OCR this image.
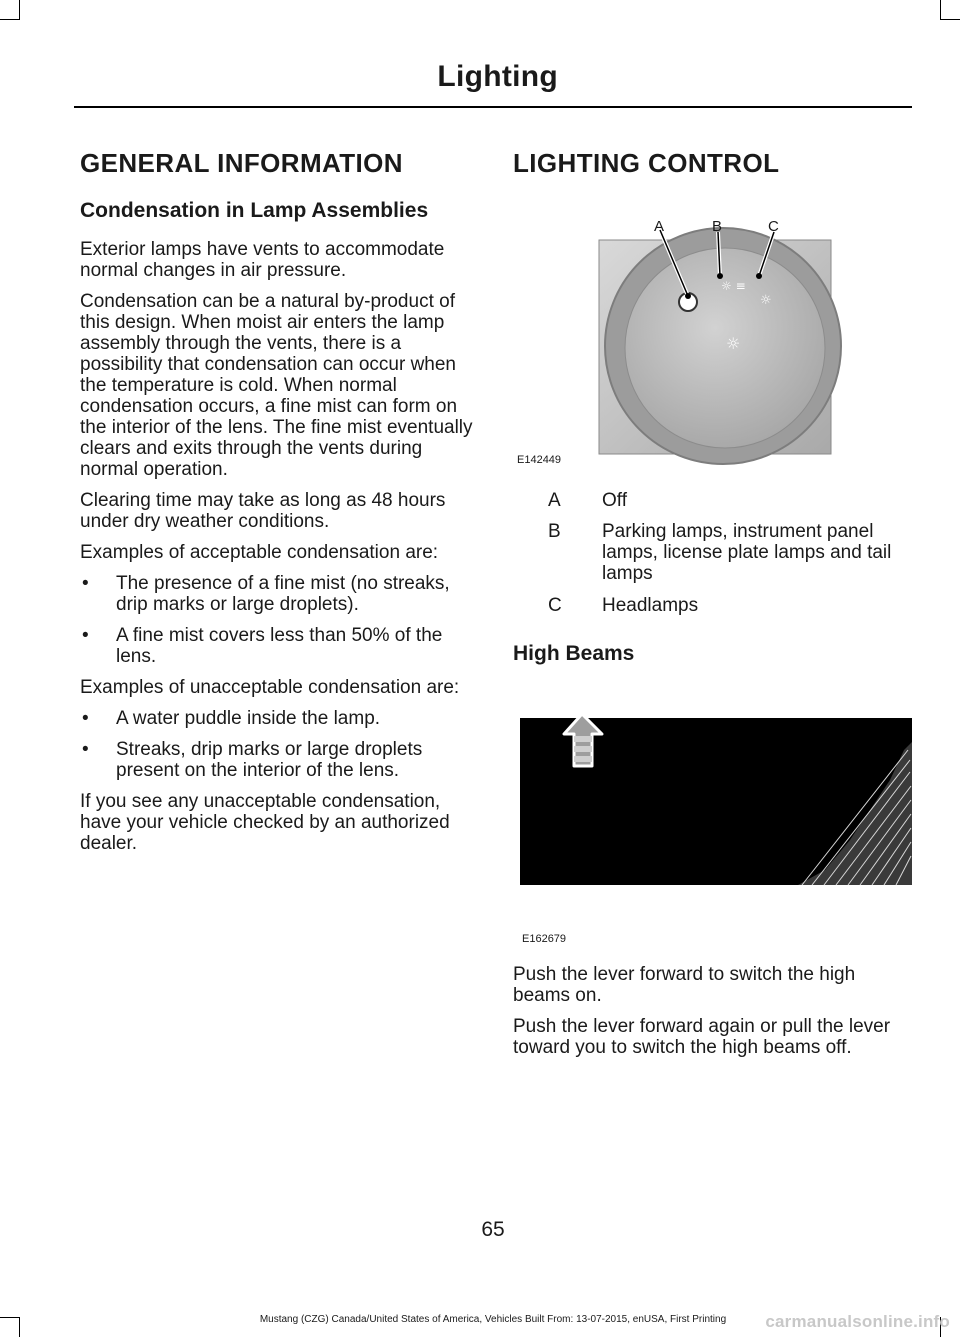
Lighting
GENERAL INFORMATION
Condensation in Lamp Assemblies

Exterior lamps have vents to accommodate normal changes in air pressure.

Condensation can be a natural by-product of this design. When moist air enters the lamp assembly through the vents, there is a possibility that condensation can occur when the temperature is cold. When normal condensation occurs, a fine mist can form on the interior of the lens. The fine mist eventually clears and exits through the vents during normal operation.

Clearing time may take as long as 48 hours under dry weather conditions.

Examples of acceptable condensation are:

• The presence of a fine mist (no streaks, drip marks or large droplets).
• A fine mist covers less than 50% of the lens.

Examples of unacceptable condensation are:

• A water puddle inside the lamp.
• Streaks, drip marks or large droplets present on the interior of the lens.

If you see any unacceptable condensation, have your vehicle checked by an authorized dealer.

LIGHTING CONTROL
☼ ≡
☼
☼
A	B	C
E142449
A Off
B Parking lamps, instrument panel lamps, license plate lamps and tail lamps
C Headlamps
High Beams
E162679

Push the lever forward to switch the high beams on.

Push the lever forward again or pull the lever toward you to switch the high beams off.

65
Mustang (CZG) Canada/United States of America, Vehicles Built From: 13-07-2015, enUSA, First Printing	carmanualsonline.info
